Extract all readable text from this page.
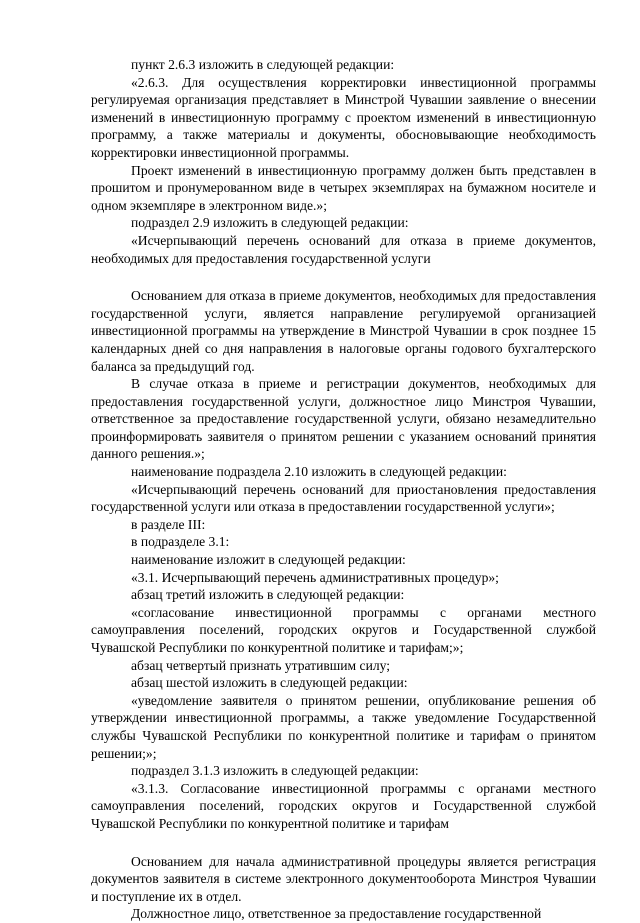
пункт 2.6.3 изложить в следующей редакции:

«2.6.3. Для осуществления корректировки инвестиционной программы регулируемая организация представляет в Минстрой Чувашии заявление о внесении изменений в инвестиционную программу с проектом изменений в инвестиционную программу, а также материалы и документы, обосновывающие необходимость корректировки инвестиционной программы.

Проект изменений в инвестиционную программу должен быть представлен в прошитом и пронумерованном виде в четырех экземплярах на бумажном носителе и одном экземпляре в электронном виде.»;

подраздел 2.9 изложить в следующей редакции:

«Исчерпывающий перечень оснований для отказа в приеме документов, необходимых для предоставления государственной услуги

Основанием для отказа в приеме документов, необходимых для предоставления государственной услуги, является направление регулируемой организацией инвестиционной программы на утверждение в Минстрой Чувашии в срок позднее 15 календарных дней со дня направления в налоговые органы годового бухгалтерского баланса за предыдущий год.

В случае отказа в приеме и регистрации документов, необходимых для предоставления государственной услуги, должностное лицо Минстроя Чувашии, ответственное за предоставление государственной услуги, обязано незамедлительно проинформировать заявителя о принятом решении с указанием оснований принятия данного решения.»;

наименование подраздела 2.10 изложить в следующей редакции:

«Исчерпывающий перечень оснований для приостановления предоставления государственной услуги или отказа в предоставлении государственной услуги»;

в разделе III:

в подразделе 3.1:

наименование изложит в следующей редакции:

«3.1. Исчерпывающий перечень административных процедур»;

абзац третий изложить в следующей редакции:

«согласование инвестиционной программы с органами местного самоуправления поселений, городских округов и Государственной службой Чувашской Республики по конкурентной политике и тарифам;»;

абзац четвертый признать утратившим силу;

абзац шестой изложить в следующей редакции:

«уведомление заявителя о принятом решении, опубликование решения об утверждении инвестиционной программы, а также уведомление Государственной службы Чувашской Республики по конкурентной политике и тарифам о принятом решении;»;

подраздел 3.1.3 изложить в следующей редакции:

«3.1.3. Согласование инвестиционной программы с органами местного самоуправления поселений, городских округов и Государственной службой Чувашской Республики по конкурентной политике и тарифам

Основанием для начала административной процедуры является регистрация документов заявителя в системе электронного документооборота Минстроя Чувашии и поступление их в отдел.

Должностное лицо, ответственное за предоставление государственной
